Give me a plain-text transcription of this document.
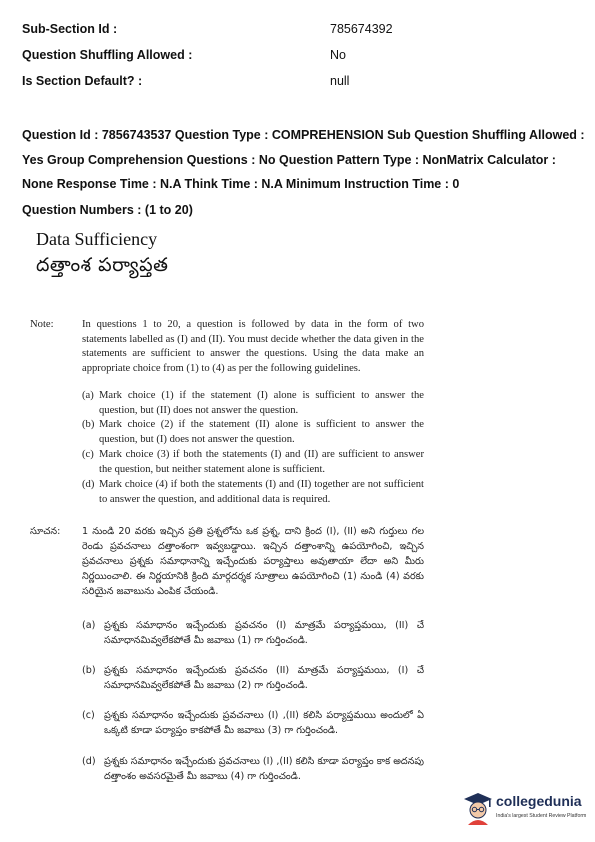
Sub-Section Id :	785674392
Question Shuffling Allowed :	No
Is Section Default? :	null
Question Id : 7856743537 Question Type : COMPREHENSION Sub Question Shuffling Allowed :
Yes Group Comprehension Questions : No Question Pattern Type : NonMatrix Calculator :
None Response Time : N.A Think Time : N.A Minimum Instruction Time : 0
Question Numbers : (1 to 20)
Data Sufficiency
దత్తాంశ పర్యాప్తత
Note:	In questions 1 to 20, a question is followed by data in the form of two statements labelled as (I) and (II). You must decide whether the data given in the statements are sufficient to answer the questions. Using the data make an appropriate choice from (1) to (4) as per the following guidelines.
(a) Mark choice (1) if the statement (I) alone is sufficient to answer the question, but (II) does not answer the question.
(b) Mark choice (2) if the statement (II) alone is sufficient to answer the question, but (I) does not answer the question.
(c) Mark choice (3) if both the statements (I) and (II) are sufficient to answer the question, but neither statement alone is sufficient.
(d) Mark choice (4) if both the statements (I) and (II) together are not sufficient to answer the question, and additional data is required.
సూచన: 1 నుండి 20 వరకు ఇచ్చిన ప్రతి ప్రశ్నలోను ఒక ప్రశ్న, దాని క్రింద (I), (II) అని గుర్తులు గల రెండు ప్రవచనాలు దత్తాంశంగా ఇవ్వబడ్డాయి. ఇచ్చిన దత్తాంశాన్ని ఉపయోగించి, ఇచ్చిన ప్రవచనాలు ప్రశ్నకు సమాధానాన్ని ఇచ్చేందుకు పర్యాప్తాలు అవుతాయా లేదా అని మీరు నిర్ణయించాలి. ఈ నిర్ణయానికి క్రింది మార్గదర్శక సూత్రాలు ఉపయోగించి (1) నుండి (4) వరకు సరియైన జవాబును ఎంపిక చేయండి.
(a) ప్రశ్నకు సమాధానం ఇచ్చేందుకు ప్రవచనం (I) మాత్రమే పర్యాప్తమయి, (II) చే సమాధానమివ్వలేకపోతే మీ జవాబు (1) గా గుర్తించండి.
(b) ప్రశ్నకు సమాధానం ఇచ్చేందుకు ప్రవచనం (II) మాత్రమే పర్యాప్తమయి, (I) చే సమాధానమివ్వలేకపోతే మీ జవాబు (2) గా గుర్తించండి.
(c) ప్రశ్నకు సమాధానం ఇచ్చేందుకు ప్రవచనాలు (I) ,(II) కలిసి పర్యాప్తమయి అందులో ఏ ఒక్కటి కూడా పర్యాప్తం కాకపోతే మీ జవాబు (3) గా గుర్తించండి.
(d) ప్రశ్నకు సమాధానం ఇచ్చేందుకు ప్రవచనాలు (I) ,(II) కలిసి కూడా పర్యాప్తం కాక అదనపు దత్తాంశం అవసరమైతే మీ జవాబు (4) గా గుర్తించండి.
collegedunia
India's largest Student Review Platform
